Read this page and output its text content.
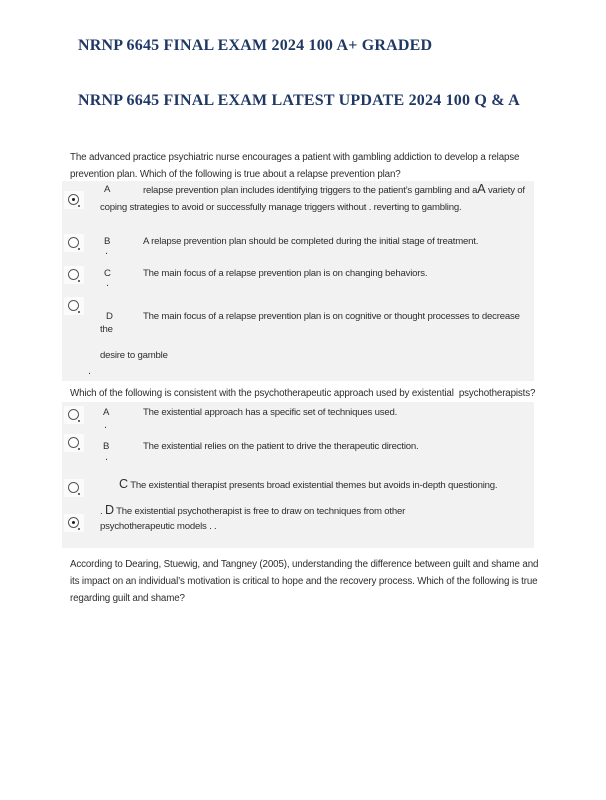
NRNP 6645 FINAL EXAM 2024 100 A+ GRADED
NRNP 6645 FINAL EXAM LATEST UPDATE 2024 100 Q & A
The advanced practice psychiatric nurse encourages a patient with gambling addiction to develop a relapse prevention plan. Which of the following is true about a relapse prevention plan?
A	relapse prevention plan includes identifying triggers to the patient’s gambling and aA variety of
coping strategies to avoid or successfully manage triggers without . reverting to gambling.
B	A relapse prevention plan should be completed during the initial stage of treatment.
.
C	The main focus of a relapse prevention plan is on changing behaviors.
.
D	The main focus of a relapse prevention plan is on cognitive or thought processes to decrease
the
desire to gamble
.
Which of the following is consistent with the psychotherapeutic approach used by existential  psychotherapists?
A	The existential approach has a specific set of techniques used.
.
B	The existential relies on the patient to drive the therapeutic direction.
.
C The existential therapist presents broad existential themes but avoids in-depth questioning.
. D The existential psychotherapist is free to draw on techniques from other
psychotherapeutic models . .
According to Dearing, Stuewig, and Tangney (2005), understanding the difference between guilt and shame and its impact on an individual’s motivation is critical to hope and the recovery process. Which of the following is true regarding guilt and shame?
